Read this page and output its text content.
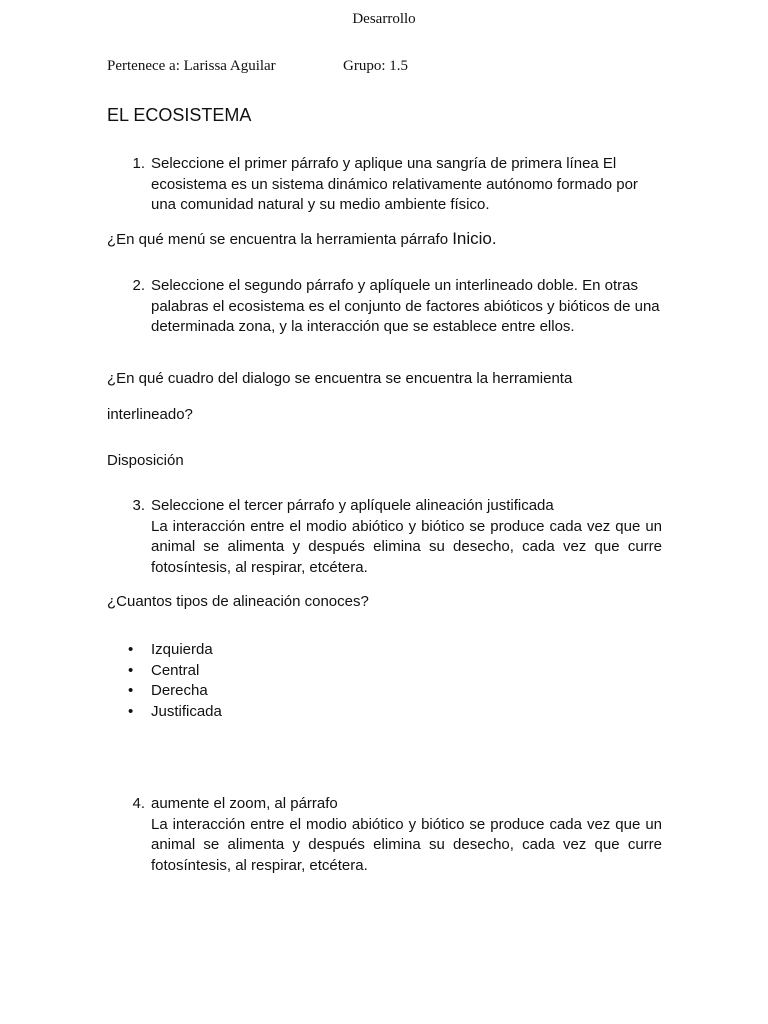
Desarrollo
Pertenece a: Larissa Aguilar	Grupo: 1.5
EL ECOSISTEMA
1. Seleccione el primer párrafo y aplique una sangría de primera línea El
ecosistema es un sistema dinámico relativamente autónomo formado por
una comunidad natural y su medio ambiente físico.
¿En qué menú se encuentra la herramienta párrafo Inicio.
2. Seleccione el segundo párrafo y aplíquele un interlineado doble. En otras
palabras el ecosistema es el conjunto de factores abióticos y bióticos de una
determinada zona, y la interacción que se establece entre ellos.
¿En qué cuadro del dialogo se encuentra se encuentra la herramienta
interlineado?
Disposición
3. Seleccione el tercer párrafo y aplíquele alineación justificada
La interacción entre el modio abiótico y biótico se produce cada vez que un
animal se alimenta y después elimina su desecho, cada vez que curre
fotosíntesis, al respirar, etcétera.
¿Cuantos tipos de alineación conoces?
•	Izquierda
•	Central
•	Derecha
•	Justificada
4. aumente el zoom, al párrafo
La interacción entre el modio abiótico y biótico se produce cada vez que un
animal se alimenta y después elimina su desecho, cada vez que curre
fotosíntesis, al respirar, etcétera.
